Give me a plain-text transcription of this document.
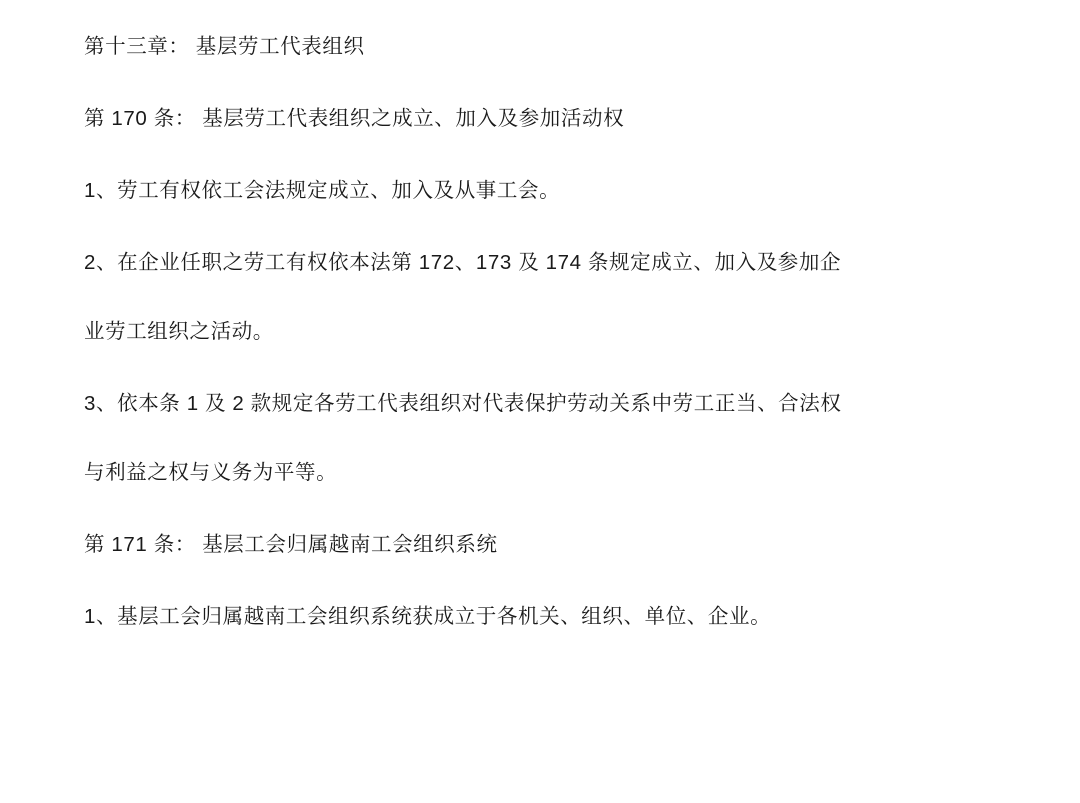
第十三章： 基层劳工代表组织

第 170 条： 基层劳工代表组织之成立、加入及参加活动权

1、劳工有权依工会法规定成立、加入及从事工会。

2、在企业任职之劳工有权依本法第 172、173 及 174 条规定成立、加入及参加企

业劳工组织之活动。

3、依本条 1 及 2 款规定各劳工代表组织对代表保护劳动关系中劳工正当、合法权

与利益之权与义务为平等。

第 171 条： 基层工会归属越南工会组织系统

1、基层工会归属越南工会组织系统获成立于各机关、组织、单位、企业。
